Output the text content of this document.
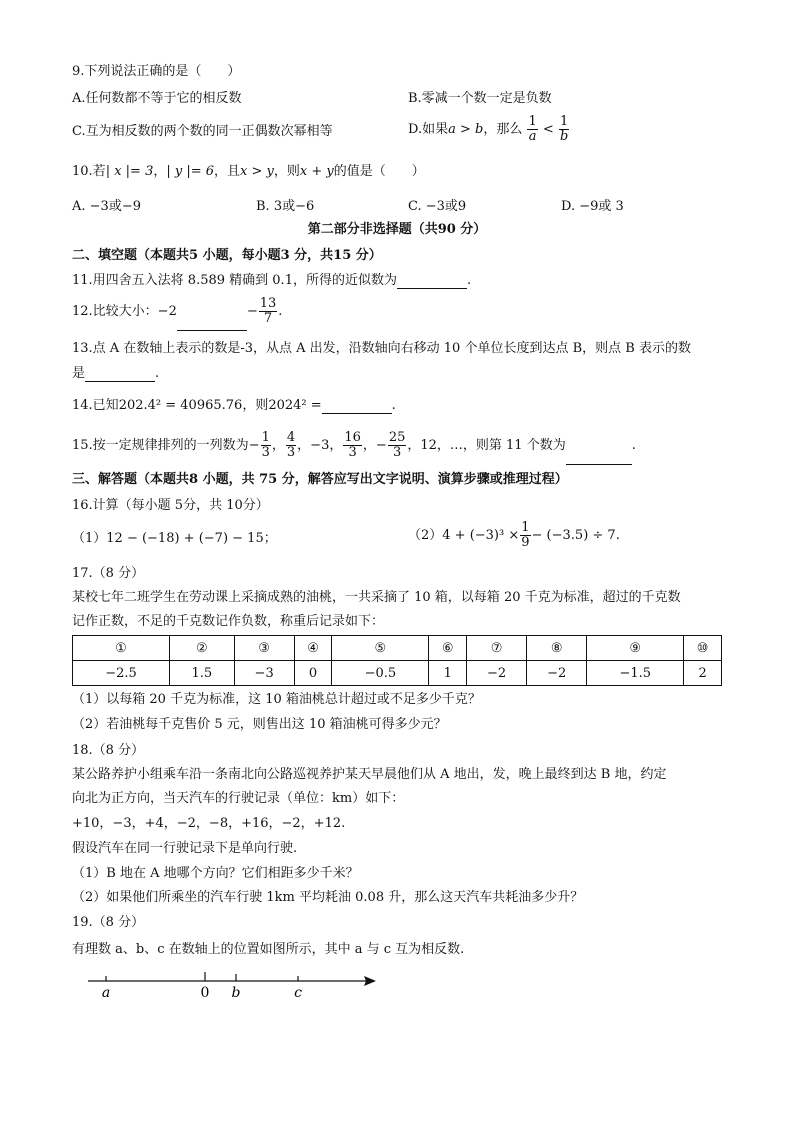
9.下列说法正确的是（　　）
A.任何数都不等于它的相反数	B.零减一个数一定是负数
C.互为相反数的两个数的同一正偶数次幂相等	D.如果a > b，那么 $\frac{1}{a} < \frac{1}{b}$
10.若| x |= 3，| y |= 6，且x > y，则x + y的值是（　　）
A. −3或−9	B. 3或−6	C. −3或9	D. −9或 3
第二部分非选择题（共90 分）
二、填空题（本题共5 小题，每小题3 分，共15 分）
11.用四舍五入法将 8.589 精确到 0.1，所得的近似数为	.
12.比较大小：−2	− $\frac{13}{7}$ .
13.点 A 在数轴上表示的数是-3，从点 A 出发，沿数轴向右移动 10 个单位长度到达点 B，则点 B 表示的数
是	.
14.已知202.4² = 40965.76，则2024² =	.
15.按一定规律排列的一列数为− $\frac{1}{3}$ ， $\frac{4}{3}$ ，−3， $\frac{16}{3}$ ，− $\frac{25}{3}$ ，12，…，则第 11 个数为	.
三、解答题（本题共8 小题，共 75 分，解答应写出文字说明、演算步骤或推理过程）
16.计算（每小题 5分，共 10分）
（1）12 − (−18) + (−7) − 15；	$(2)4 + (-3)^3 \times \frac{1}{9} - (-3.5) \div 7$.
17.（8 分）
某校七年二班学生在劳动课上采摘成熟的油桃，一共采摘了 10 箱，以每箱 20 千克为标准，超过的千克数
记作正数，不足的千克数记作负数，称重后记录如下：
①	②	③	④	⑤	⑥	⑦	⑧	⑨	⑩
−2.5	1.5	−3	0	−0.5	1	−2	−2	−1.5	2
（1）以每箱 20 千克为标准，这 10 箱油桃总计超过或不足多少千克？
（2）若油桃每千克售价 5 元，则售出这 10 箱油桃可得多少元？
18.（8 分）
某公路养护小组乘车沿一条南北向公路巡视养护某天早晨他们从 A 地出，发，晚上最终到达 B 地，约定
向北为正方向，当天汽车的行驶记录（单位：km）如下：
+10，−3，+4，−2，−8，+16，−2，+12.
假设汽车在同一行驶记录下是单向行驶.
（1）B 地在 A 地哪个方向？它们相距多少千米？
（2）如果他们所乘坐的汽车行驶 1km 平均耗油 0.08 升，那么这天汽车共耗油多少升？
19.（8 分）
有理数 a、b、c 在数轴上的位置如图所示，其中 a 与 c 互为相反数.
a	0 b	c
